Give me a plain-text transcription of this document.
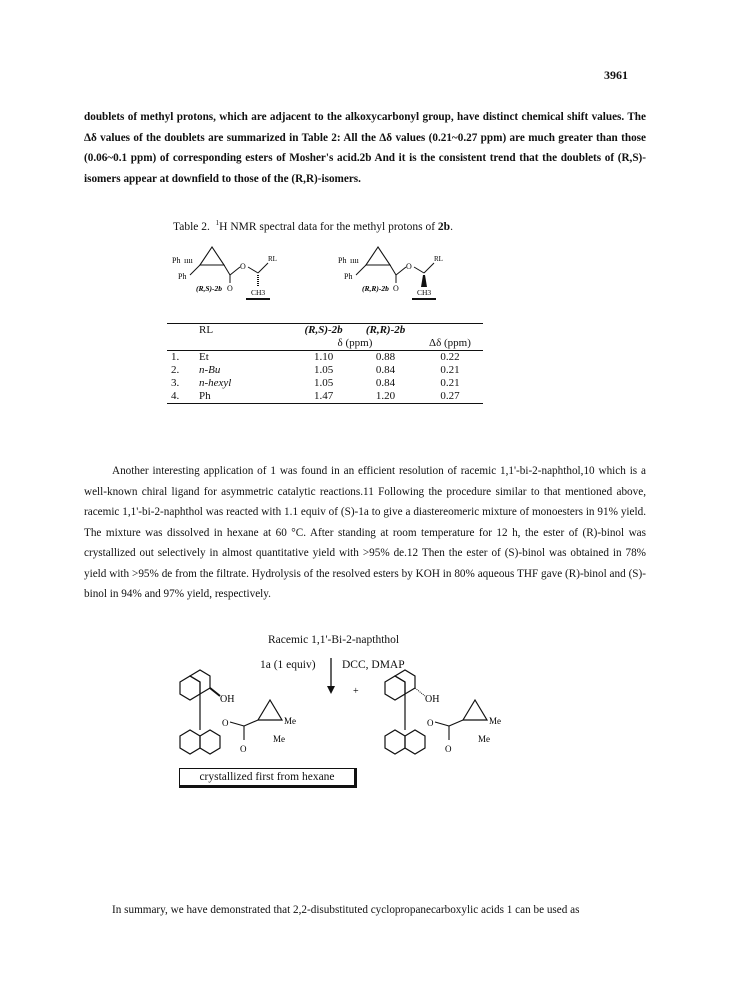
3961

doublets of methyl protons, which are adjacent to the alkoxycarbonyl group, have distinct chemical shift values. The Δδ values of the doublets are summarized in Table 2: All the Δδ values (0.21~0.27 ppm) are much greater than those (0.06~0.1 ppm) of corresponding esters of Mosher's acid.2b And it is the consistent trend that the doublets of (R,S)-isomers appear at downfield to those of the (R,R)-isomers.

Table 2. $^1$H NMR spectral data for the methyl protons of 2b.

Ph ıııı
Ph
(R,S)-2b O
O
RL
CH3
Ph ıııı
Ph
(R,R)-2b O
O
RL
CH3
	RL	(R,S)-2b	(R,R)-2b	
		δ (ppm)		Δδ (ppm)
1.	Et	1.10	0.88	0.22
2.	n-Bu	1.05	0.84	0.21
3.	n-hexyl	1.05	0.84	0.21
4.	Ph	1.47	1.20	0.27

Another interesting application of 1 was found in an efficient resolution of racemic 1,1'-bi-2-naphthol,10 which is a well-known chiral ligand for asymmetric catalytic reactions.11 Following the procedure similar to that mentioned above, racemic 1,1'-bi-2-naphthol was reacted with 1.1 equiv of (S)-1a to give a diastereomeric mixture of monoesters in 91% yield. The mixture was dissolved in hexane at 60 °C. After standing at room temperature for 12 h, the ester of (R)-binol was crystallized out selectively in almost quantitative yield with >95% de.12 Then the ester of (S)-binol was obtained in 78% yield with >95% de from the filtrate. Hydrolysis of the resolved esters by KOH in 80% aqueous THF gave (R)-binol and (S)-binol in 94% and 97% yield, respectively.

Racemic 1,1'-Bi-2-napththol

1a (1 equiv) DCC, DMAP
OH
O
O
Me
Me
+
OH
O
O
Me
Me
crystallized first from hexane

In summary, we have demonstrated that 2,2-disubstituted cyclopropanecarboxylic acids 1 can be used as
